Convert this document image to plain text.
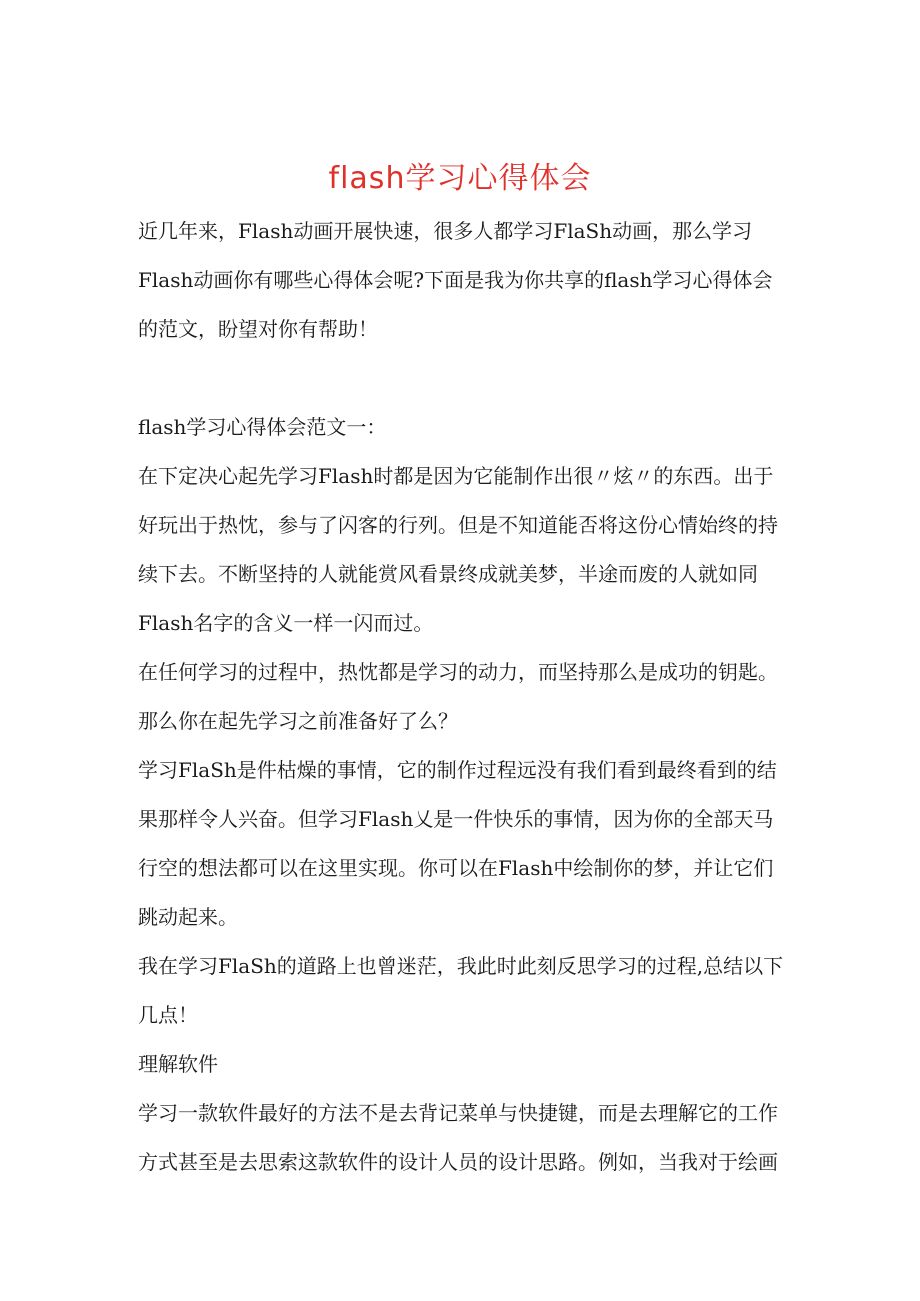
flash学习心得体会

近几年来，Flash动画开展快速，很多人都学习FlaSh动画，那么学习Flash动画你有哪些心得体会呢?下面是我为你共享的flash学习心得体会的范文，盼望对你有帮助！

flash学习心得体会范文一：

在下定决心起先学习Flash时都是因为它能制作出很〃炫〃的东西。出于好玩出于热忱，参与了闪客的行列。但是不知道能否将这份心情始终的持续下去。不断坚持的人就能赏风看景终成就美梦，半途而废的人就如同Flash名字的含义一样一闪而过。

在任何学习的过程中，热忱都是学习的动力，而坚持那么是成功的钥匙。

那么你在起先学习之前准备好了么？

学习FlaSh是件枯燥的事情，它的制作过程远没有我们看到最终看到的结果那样令人兴奋。但学习Flash乂是一件快乐的事情，因为你的全部天马行空的想法都可以在这里实现。你可以在Flash中绘制你的梦，并让它们跳动起来。

我在学习FlaSh的道路上也曾迷茫，我此时此刻反思学习的过程,总结以下几点！

理解软件

学习一款软件最好的方法不是去背记菜单与快捷键，而是去理解它的工作方式甚至是去思索这款软件的设计人员的设计思路。例如，当我对于绘画
